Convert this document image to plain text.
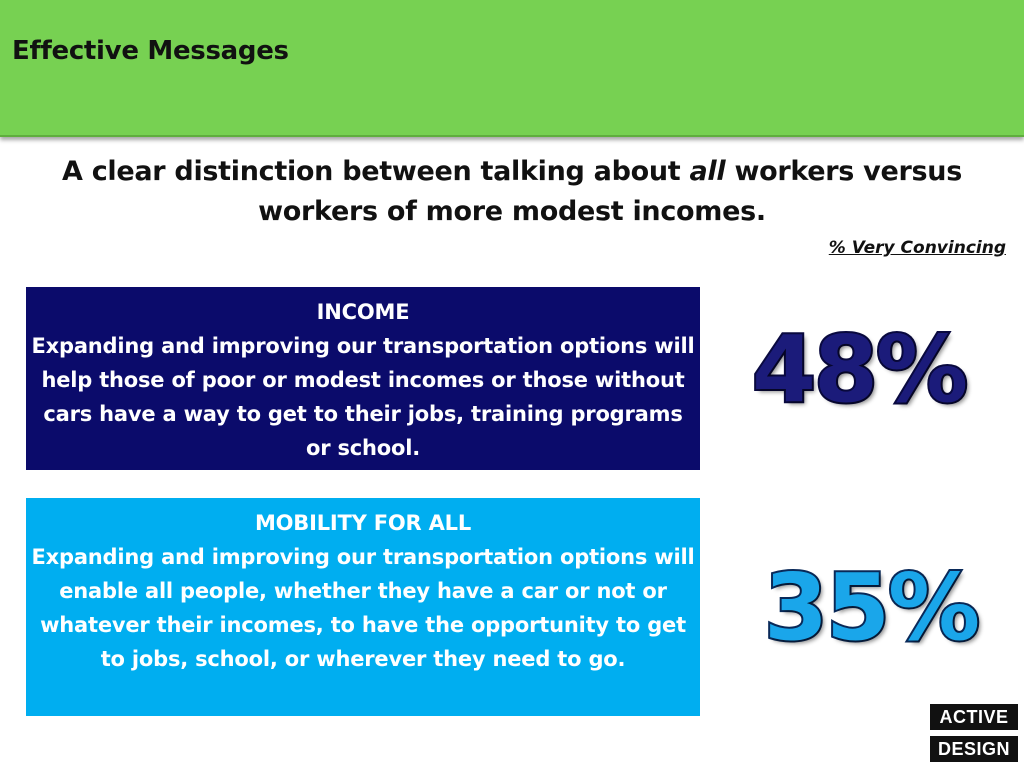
Effective Messages
A clear distinction between talking about all workers versus workers of more modest incomes.
% Very Convincing
INCOME
Expanding and improving our transportation options will help those of poor or modest incomes or those without cars have a way to get to their jobs, training programs or school.
48%
MOBILITY FOR ALL
Expanding and improving our transportation options will enable all people, whether they have a car or not or whatever their incomes, to have the opportunity to get to jobs, school, or wherever they need to go.	35%
ACTIVE
DESIGN
